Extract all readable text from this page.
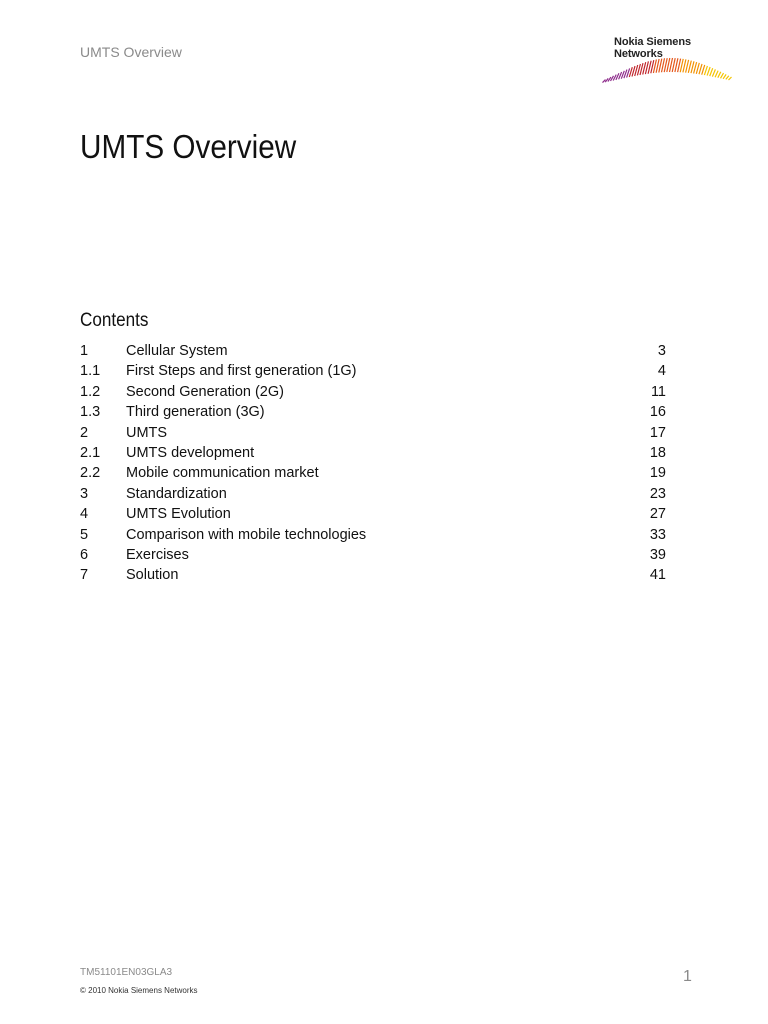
UMTS Overview
Nokia Siemens
Networks
UMTS Overview
Contents
1	Cellular System	3
1.1 First Steps and first generation (1G)	4
1.2 Second Generation (2G)	11
1.3 Third generation (3G)	16
2	UMTS	17
2.1 UMTS development	18
2.2 Mobile communication market	19
3	Standardization	23
4	UMTS Evolution	27
5	Comparison with mobile technologies	33
6	Exercises	39
7	Solution	41
TM51101EN03GLA3
© 2010 Nokia Siemens Networks
1
